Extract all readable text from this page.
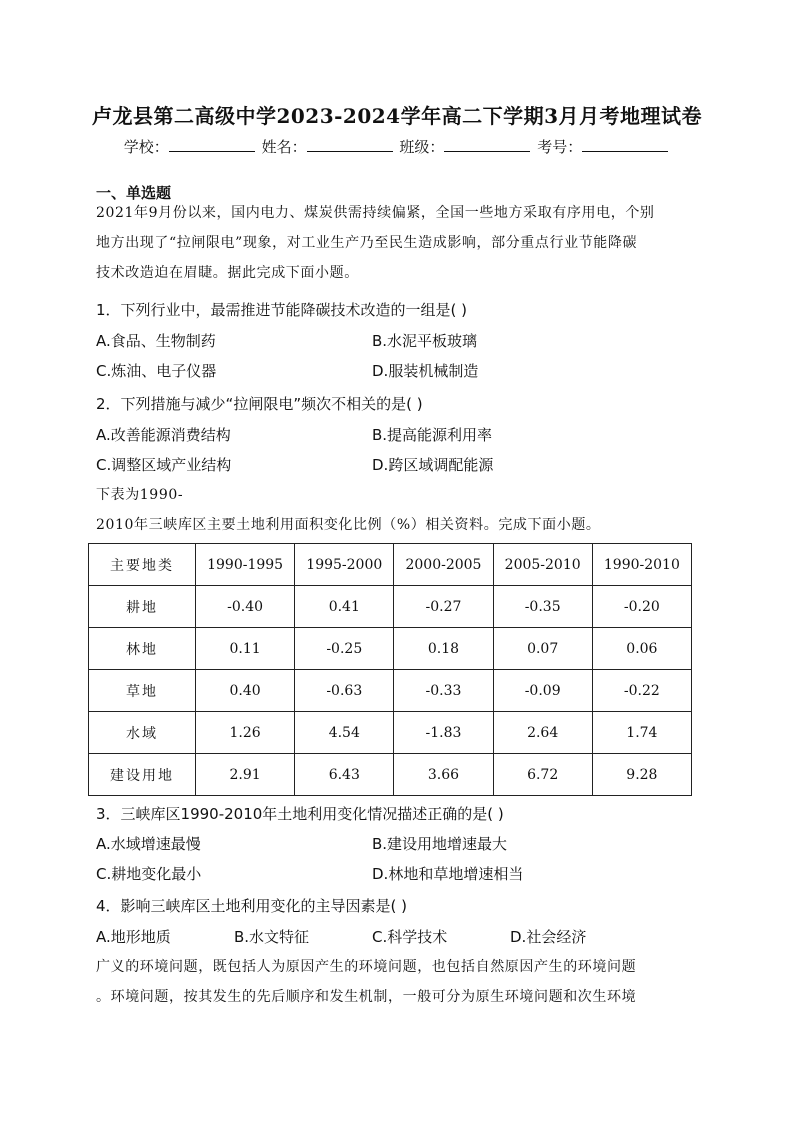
卢龙县第二高级中学2023-2024学年高二下学期3月月考地理试卷
学校：	姓名：	班级：	考号：
一、单选题
2021年9月份以来，国内电力、煤炭供需持续偏紧，全国一些地方采取有序用电，个别
地方出现了“拉闸限电”现象，对工业生产乃至民生造成影响，部分重点行业节能降碳
技术改造迫在眉睫。据此完成下面小题。
1．下列行业中，最需推进节能降碳技术改造的一组是( )
A.食品、生物制药	B.水泥平板玻璃
C.炼油、电子仪器	D.服装机械制造
2．下列措施与减少“拉闸限电”频次不相关的是( )
A.改善能源消费结构	B.提高能源利用率
C.调整区域产业结构	D.跨区域调配能源
下表为1990-
2010年三峡库区主要土地利用面积变化比例（%）相关资料。完成下面小题。
主要地类	1990-1995	1995-2000	2000-2005	2005-2010	1990-2010
耕地	-0.40	0.41	-0.27	-0.35	-0.20
林地	0.11	-0.25	0.18	0.07	0.06
草地	0.40	-0.63	-0.33	-0.09	-0.22
水域	1.26	4.54	-1.83	2.64	1.74
建设用地	2.91	6.43	3.66	6.72	9.28
3．三峡库区1990-2010年土地利用变化情况描述正确的是( )
A.水域增速最慢	B.建设用地增速最大
C.耕地变化最小	D.林地和草地增速相当
4．影响三峡库区土地利用变化的主导因素是( )
A.地形地质	B.水文特征	C.科学技术	D.社会经济
广义的环境问题，既包括人为原因产生的环境问题，也包括自然原因产生的环境问题
。环境问题，按其发生的先后顺序和发生机制，一般可分为原生环境问题和次生环境
